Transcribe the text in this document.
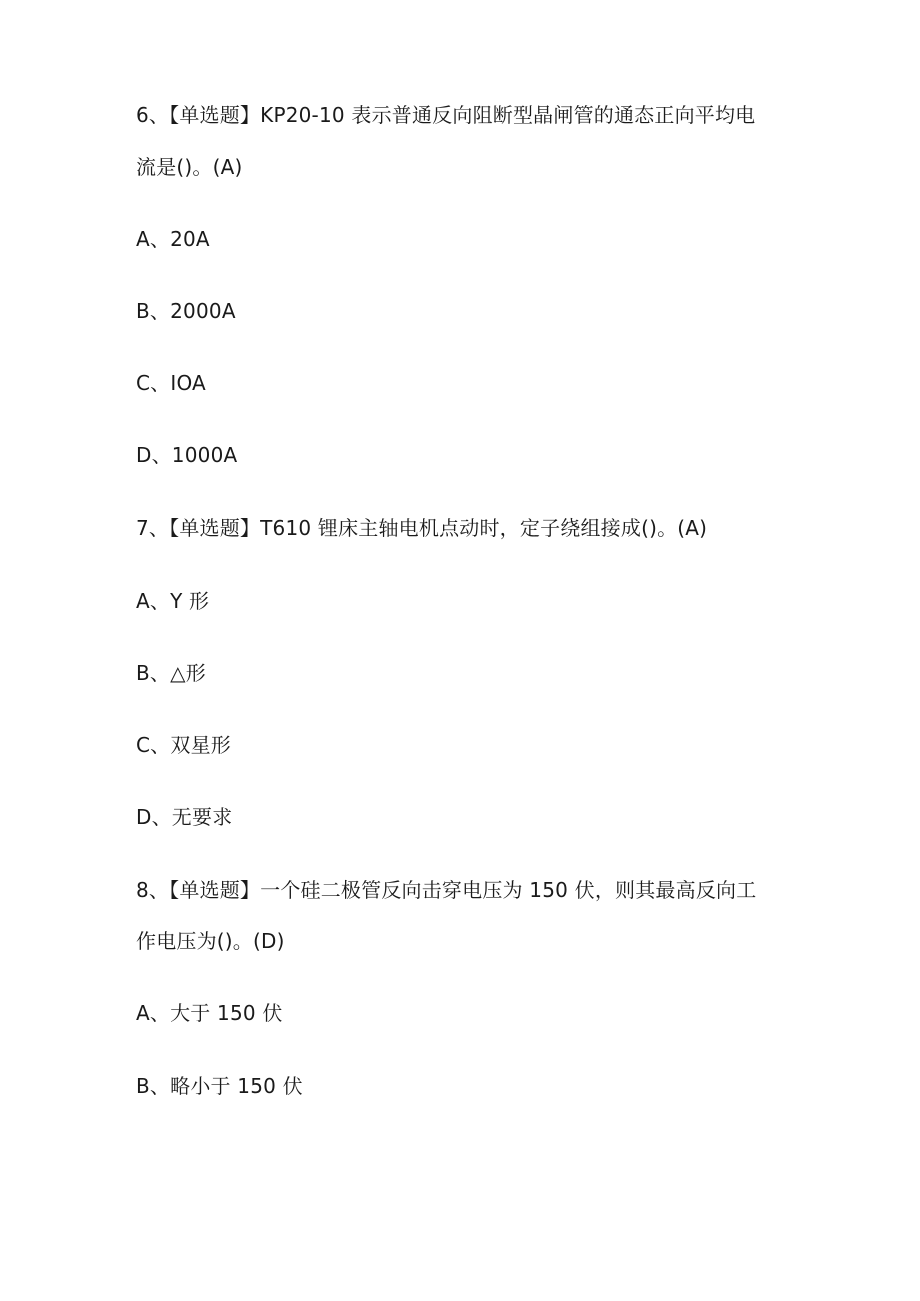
6、【单选题】KP20-10 表示普通反向阻断型晶闸管的通态正向平均电
流是()。(A)
A、20A
B、2000A
C、IOA
D、1000A
7、【单选题】T610 锂床主轴电机点动时，定子绕组接成()。(A)
A、Y 形
B、△形
C、双星形
D、无要求
8、【单选题】一个硅二极管反向击穿电压为 150 伏，则其最高反向工
作电压为()。(D)
A、大于 150 伏
B、略小于 150 伏
